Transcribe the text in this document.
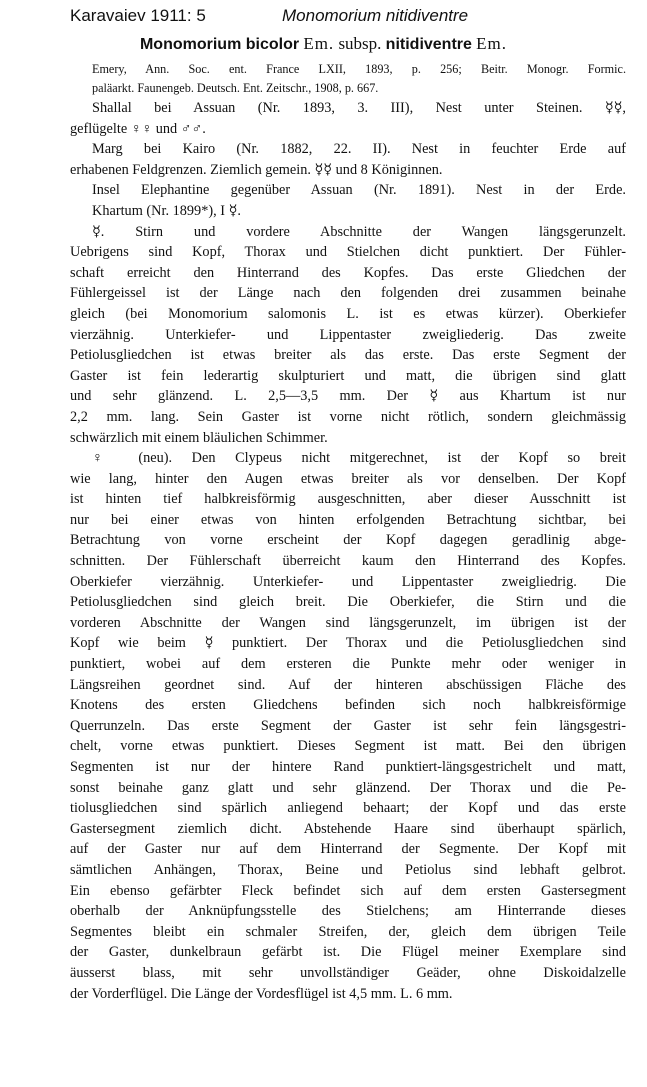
Karavaiev 1911: 5	Monomorium nitidiventre
Monomorium bicolor Em. subsp. nitidiventre Em.
Emery, Ann. Soc. ent. France LXII, 1893, p. 256; Beitr. Monogr. Formic.
paläarkt. Faunengeb. Deutsch. Ent. Zeitschr., 1908, p. 667.
Shallal bei Assuan (Nr. 1893, 3. III), Nest unter Steinen. ☿☿,
geflügelte ♀♀ und ♂♂.
Marg bei Kairo (Nr. 1882, 22. II). Nest in feuchter Erde auf
erhabenen Feldgrenzen. Ziemlich gemein. ☿☿ und 8 Königinnen.
Insel Elephantine gegenüber Assuan (Nr. 1891). Nest in der Erde.
Khartum (Nr. 1899*), I ☿.
☿. Stirn und vordere Abschnitte der Wangen längsgerunzelt.
Uebrigens sind Kopf, Thorax und Stielchen dicht punktiert. Der Fühler-
schaft erreicht den Hinterrand des Kopfes. Das erste Gliedchen der
Fühlergeissel ist der Länge nach den folgenden drei zusammen beinahe
gleich (bei Monomorium salomonis L. ist es etwas kürzer). Oberkiefer
vierzähnig. Unterkiefer- und Lippentaster zweigliederig. Das zweite
Petiolusgliedchen ist etwas breiter als das erste. Das erste Segment der
Gaster ist fein lederartig skulpturiert und matt, die übrigen sind glatt
und sehr glänzend. L. 2,5—3,5 mm. Der ☿ aus Khartum ist nur
2,2 mm. lang. Sein Gaster ist vorne nicht rötlich, sondern gleichmässig
schwärzlich mit einem bläulichen Schimmer.
♀ (neu). Den Clypeus nicht mitgerechnet, ist der Kopf so breit
wie lang, hinter den Augen etwas breiter als vor denselben. Der Kopf
ist hinten tief halbkreisförmig ausgeschnitten, aber dieser Ausschnitt ist
nur bei einer etwas von hinten erfolgenden Betrachtung sichtbar, bei
Betrachtung von vorne erscheint der Kopf dagegen geradlinig abge-
schnitten. Der Fühlerschaft überreicht kaum den Hinterrand des Kopfes.
Oberkiefer vierzähnig. Unterkiefer- und Lippentaster zweigliedrig. Die
Petiolusgliedchen sind gleich breit. Die Oberkiefer, die Stirn und die
vorderen Abschnitte der Wangen sind längsgerunzelt, im übrigen ist der
Kopf wie beim ☿ punktiert. Der Thorax und die Petiolusgliedchen sind
punktiert, wobei auf dem ersteren die Punkte mehr oder weniger in
Längsreihen geordnet sind. Auf der hinteren abschüssigen Fläche des
Knotens des ersten Gliedchens befinden sich noch halbkreisförmige
Querrunzeln. Das erste Segment der Gaster ist sehr fein längsgestri-
chelt, vorne etwas punktiert. Dieses Segment ist matt. Bei den übrigen
Segmenten ist nur der hintere Rand punktiert-längsgestrichelt und matt,
sonst beinahe ganz glatt und sehr glänzend. Der Thorax und die Pe-
tiolusgliedchen sind spärlich anliegend behaart; der Kopf und das erste
Gastersegment ziemlich dicht. Abstehende Haare sind überhaupt spärlich,
auf der Gaster nur auf dem Hinterrand der Segmente. Der Kopf mit
sämtlichen Anhängen, Thorax, Beine und Petiolus sind lebhaft gelbrot.
Ein ebenso gefärbter Fleck befindet sich auf dem ersten Gastersegment
oberhalb der Anknüpfungsstelle des Stielchens; am Hinterrande dieses
Segmentes bleibt ein schmaler Streifen, der, gleich dem übrigen Teile
der Gaster, dunkelbraun gefärbt ist. Die Flügel meiner Exemplare sind
äusserst blass, mit sehr unvollständiger Geäder, ohne Diskoidalzelle
der Vorderflügel. Die Länge der Vordesflügel ist 4,5 mm. L. 6 mm.
